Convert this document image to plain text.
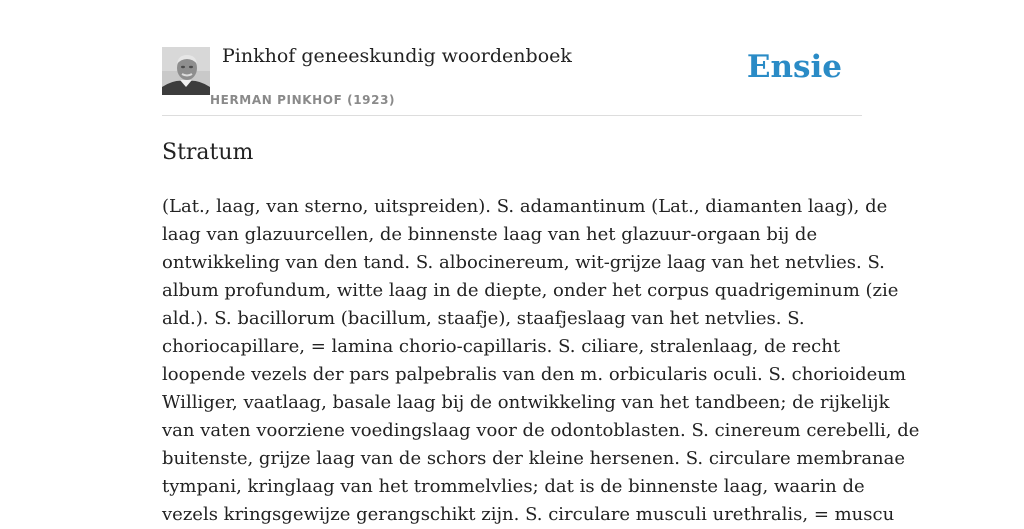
Pinkhof geneeskundig woordenboek
HERMAN PINKHOF (1923)
Ensie
Stratum

(Lat., laag, van sterno, uitspreiden). S. adamantinum (Lat., diamanten laag), de
laag van glazuurcellen, de binnenste laag van het glazuur-orgaan bij de
ontwikkeling van den tand. S. albocinereum, wit-grijze laag van het netvlies. S.
album profundum, witte laag in de diepte, onder het corpus quadrigeminum (zie
ald.). S. bacillorum (bacillum, staafje), staafjeslaag van het netvlies. S.
choriocapillare, = lamina chorio-capillaris. S. ciliare, stralenlaag, de recht
loopende vezels der pars palpebralis van den m. orbicularis oculi. S. chorioideum
Williger, vaatlaag, basale laag bij de ontwikkeling van het tandbeen; de rijkelijk
van vaten voorziene voedingslaag voor de odontoblasten. S. cinereum cerebelli, de
buitenste, grijze laag van de schors der kleine hersenen. S. circulare membranae
tympani, kringlaag van het trommelvlies; dat is de binnenste laag, waarin de
vezels kringsgewijze gerangschikt zijn. S. circulare musculi urethralis, = muscu
